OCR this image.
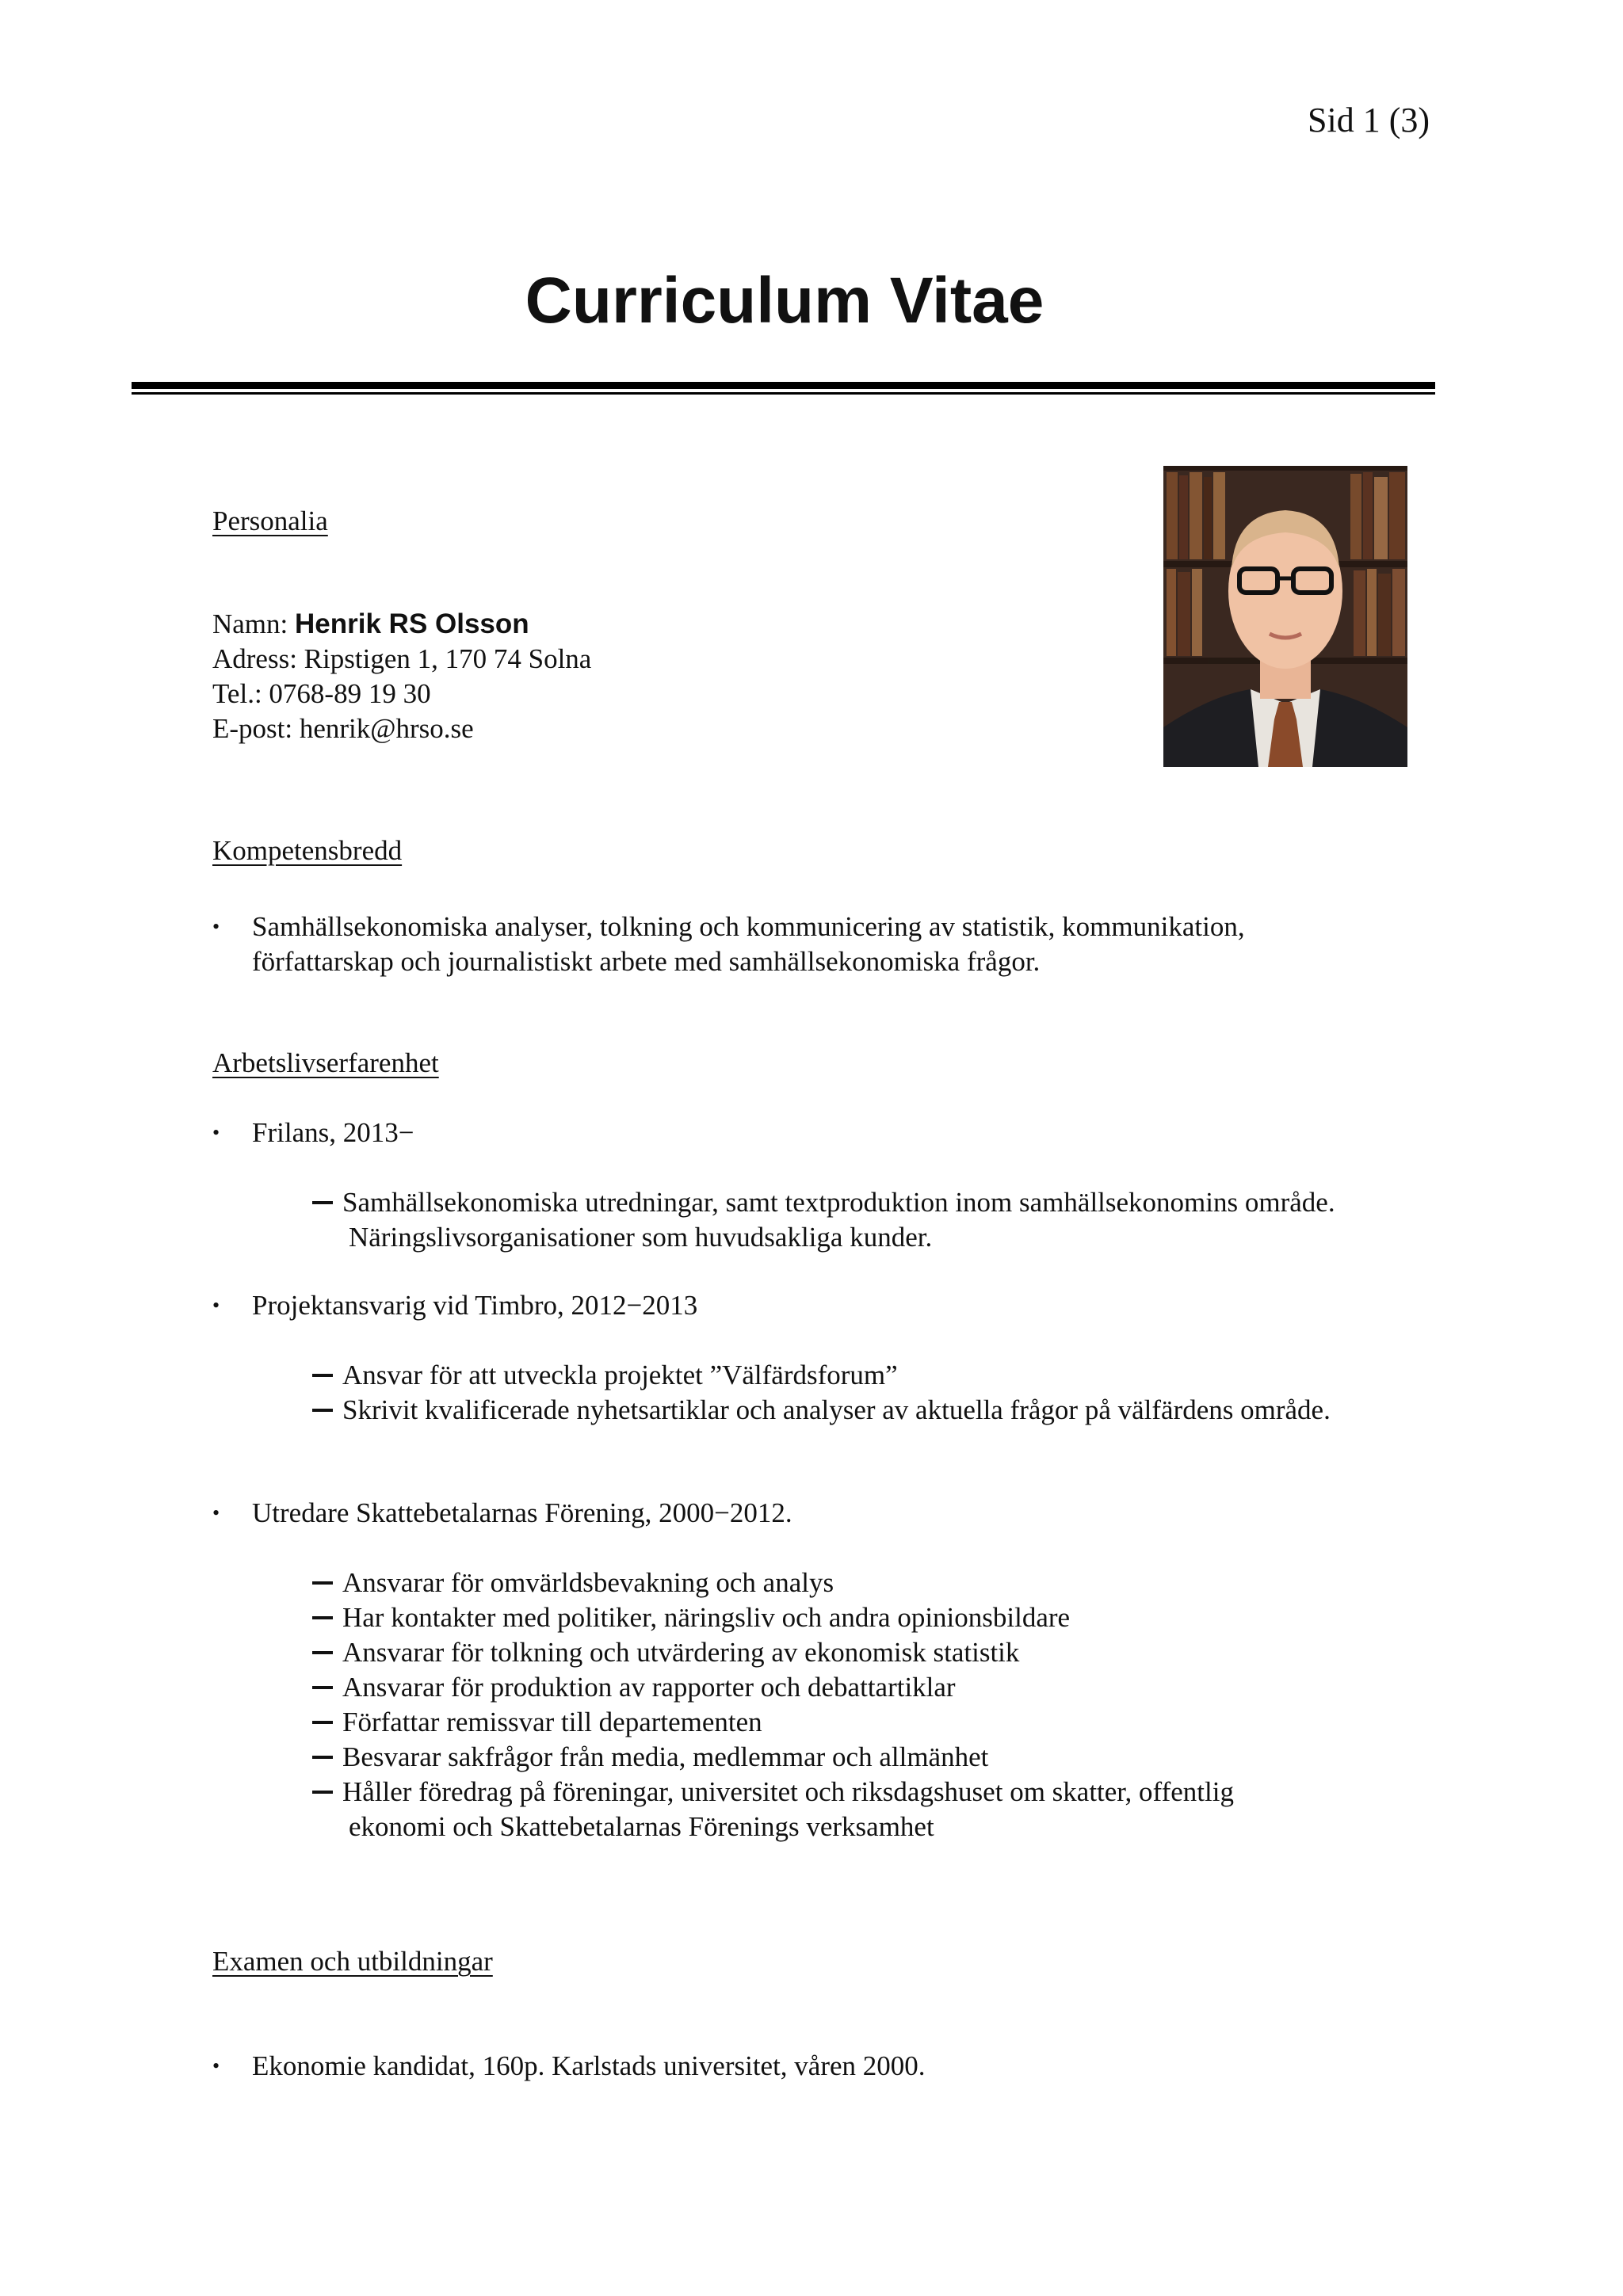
Sid 1 (3)
Curriculum Vitae
Personalia
Namn: Henrik RS Olsson
Adress: Ripstigen 1, 170 74 Solna
Tel.: 0768-89 19 30
E-post: henrik@hrso.se
Kompetensbredd
• Samhällsekonomiska analyser, tolkning och kommunicering av statistik, kommunikation,
författarskap och journalistiskt arbete med samhällsekonomiska frågor.
Arbetslivserfarenhet
• Frilans, 2013−
Samhällsekonomiska utredningar, samt textproduktion inom samhällsekonomins område.
Näringslivsorganisationer som huvudsakliga kunder.
• Projektansvarig vid Timbro, 2012−2013
Ansvar för att utveckla projektet ”Välfärdsforum”
Skrivit kvalificerade nyhetsartiklar och analyser av aktuella frågor på välfärdens område.
• Utredare Skattebetalarnas Förening, 2000−2012.
Ansvarar för omvärldsbevakning och analys
Har kontakter med politiker, näringsliv och andra opinionsbildare
Ansvarar för tolkning och utvärdering av ekonomisk statistik
Ansvarar för produktion av rapporter och debattartiklar
Författar remissvar till departementen
Besvarar sakfrågor från media, medlemmar och allmänhet
Håller föredrag på föreningar, universitet och riksdagshuset om skatter, offentlig
ekonomi och Skattebetalarnas Förenings verksamhet
Examen och utbildningar
• Ekonomie kandidat, 160p. Karlstads universitet, våren 2000.
